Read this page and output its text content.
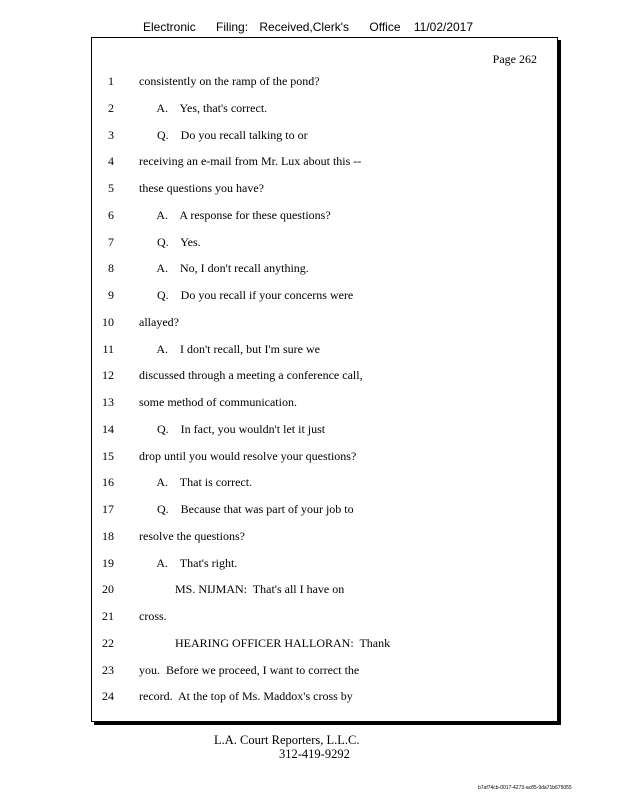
Electronic Filing: Received,Clerk's Office 11/02/2017
Page 262
1 consistently on the ramp of the pond?
2 A.    Yes, that's correct.
3 Q.    Do you recall talking to or
4 receiving an e-mail from Mr. Lux about this --
5 these questions you have?
6 A.    A response for these questions?
7 Q.    Yes.
8 A.    No, I don't recall anything.
9 Q.    Do you recall if your concerns were
10 allayed?
11 A.    I don't recall, but I'm sure we
12 discussed through a meeting a conference call,
13 some method of communication.
14 Q.    In fact, you wouldn't let it just
15 drop until you would resolve your questions?
16 A.    That is correct.
17 Q.    Because that was part of your job to
18 resolve the questions?
19 A.    That's right.
20 MS. NIJMAN:  That's all I have on
21 cross.
22 HEARING OFFICER HALLORAN:  Thank
23 you.  Before we proceed, I want to correct the
24 record.  At the top of Ms. Maddox's cross by
L.A. Court Reporters, L.L.C.
312-419-9292
b7af74cb-0017-4273-ac85-9da71b675055
